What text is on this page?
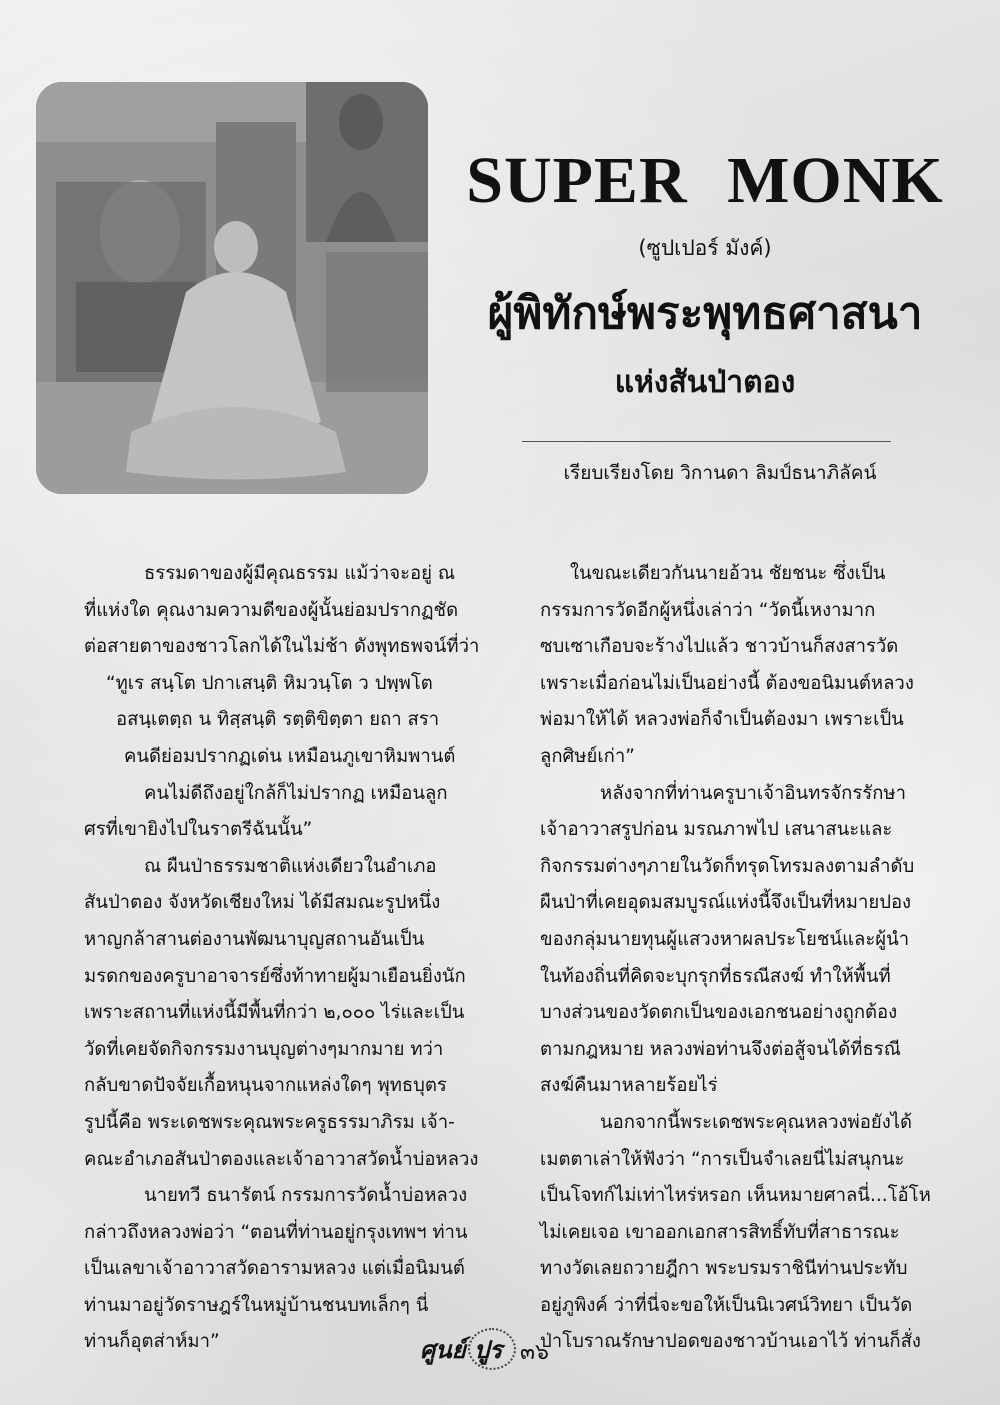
SUPER MONK
(ซูปเปอร์ มังค์)
ผู้พิทักษ์พระพุทธศาสนา
แห่งสันป่าตอง
เรียบเรียงโดย วิกานดา ลิมป์ธนาภิลัคน์
ธรรมดาของผู้มีคุณธรรม แม้ว่าจะอยู่ ณ
ที่แห่งใด คุณงามความดีของผู้นั้นย่อมปรากฏชัด
ต่อสายตาของชาวโลกได้ในไม่ช้า ดังพุทธพจน์ที่ว่า
“ทูเร สนฺโต ปกาเสนฺติ หิมวนฺโต ว ปพฺพโต
อสนฺเตตฺถ น ทิสฺสนฺติ รตฺติขิตฺตา ยถา สรา
คนดีย่อมปรากฏเด่น เหมือนภูเขาหิมพานต์
คนไม่ดีถึงอยู่ใกล้ก็ไม่ปรากฏ เหมือนลูก
ศรที่เขายิงไปในราตรีฉันนั้น”
ณ ผืนป่าธรรมชาติแห่งเดียวในอำเภอ
สันป่าตอง จังหวัดเชียงใหม่ ได้มีสมณะรูปหนึ่ง
หาญกล้าสานต่องานพัฒนาบุญสถานอันเป็น
มรดกของครูบาอาจารย์ซึ่งท้าทายผู้มาเยือนยิ่งนัก
เพราะสถานที่แห่งนี้มีพื้นที่กว่า ๒,๐๐๐ ไร่และเป็น
วัดที่เคยจัดกิจกรรมงานบุญต่างๆมากมาย ทว่า
กลับขาดปัจจัยเกื้อหนุนจากแหล่งใดๆ พุทธบุตร
รูปนี้คือ พระเดชพระคุณพระครูธรรมาภิรม เจ้า-
คณะอำเภอสันป่าตองและเจ้าอาวาสวัดน้ำบ่อหลวง
นายทวี ธนารัตน์ กรรมการวัดน้ำบ่อหลวง
กล่าวถึงหลวงพ่อว่า “ตอนที่ท่านอยู่กรุงเทพฯ ท่าน
เป็นเลขาเจ้าอาวาสวัดอารามหลวง แต่เมื่อนิมนต์
ท่านมาอยู่วัดราษฎร์ในหมู่บ้านชนบทเล็กๆ นี่
ท่านก็อุตส่าห์มา”
ในขณะเดียวกันนายอ้วน ชัยชนะ ซึ่งเป็น
กรรมการวัดอีกผู้หนึ่งเล่าว่า “วัดนี้เหงามาก
ซบเซาเกือบจะร้างไปแล้ว ชาวบ้านก็สงสารวัด
เพราะเมื่อก่อนไม่เป็นอย่างนี้ ต้องขอนิมนต์หลวง
พ่อมาให้ได้ หลวงพ่อก็จำเป็นต้องมา เพราะเป็น
ลูกศิษย์เก่า”
หลังจากที่ท่านครูบาเจ้าอินทรจักรรักษา
เจ้าอาวาสรูปก่อน มรณภาพไป เสนาสนะและ
กิจกรรมต่างๆภายในวัดก็ทรุดโทรมลงตามลำดับ
ผืนป่าที่เคยอุดมสมบูรณ์แห่งนี้จึงเป็นที่หมายปอง
ของกลุ่มนายทุนผู้แสวงหาผลประโยชน์และผู้นำ
ในท้องถิ่นที่คิดจะบุกรุกที่ธรณีสงฆ์ ทำให้พื้นที่
บางส่วนของวัดตกเป็นของเอกชนอย่างถูกต้อง
ตามกฎหมาย หลวงพ่อท่านจึงต่อสู้จนได้ที่ธรณี
สงฆ์คืนมาหลายร้อยไร่
นอกจากนี้พระเดชพระคุณหลวงพ่อยังได้
เมตตาเล่าให้ฟังว่า “การเป็นจำเลยนี่ไม่สนุกนะ
เป็นโจทก์ไม่เท่าไหร่หรอก เห็นหมายศาลนี่...โอ้โห
ไม่เคยเจอ เขาออกเอกสารสิทธิ์ทับที่สาธารณะ
ทางวัดเลยถวายฎีกา พระบรมราชินีท่านประทับ
อยู่ภูพิงค์ ว่าที่นี่จะขอให้เป็นนิเวศน์วิทยา เป็นวัด
ป่าโบราณรักษาปอดของชาวบ้านเอาไว้ ท่านก็สั่ง
ศูนย์ ปูร ๓๖
